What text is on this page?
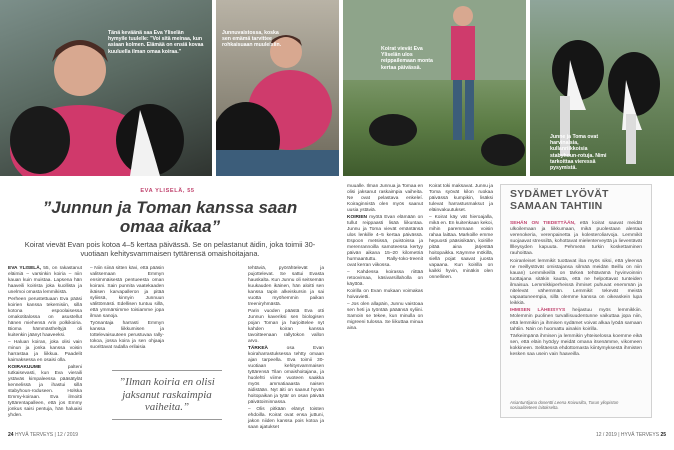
Tänä keväänä saa Eva Yliselän hymyile tuulelle: "Voi sitä meinaa, kun asiaan kolmen. Elämää on ensiä kovaa kuuluella ilman omaa koiraa."
Junnuvaistossa, koska sen emämä tarvittee rohkaisuaan muuleisiin.
Koirat vievät Eva Yliselän ulos reippailemaan monta kertaa päivässä.
Junne ja Toma ovat harvinaisia, kullanriikkoisia stabyhoun-rotuja. Nimi tarkoittaa vieressä pysymistä.
EVA YLISELÄ, 55
”Junnun ja Toman kanssa saan omaa aikaa”
Koirat vievät Evan pois kotoa 4–5 kertaa päivässä. Se on pelastanut äidin, joka toimii 30-vuotiaan kehitysvammaisen tyttärensä omaishoitajana.

EVA YLISELÄ, 55, on rakastanut eläimiä – varsinkin koiria – niin kauan kuin muistaa. Lapsena hän haaveili koirista joka kuollista ja unelmoi omasta lemmikistä.

Perheen perustettuaan Eva pääsi koirien kanssa tekemisiin, sillä kotona espoolaisessa omakotitalossa on asustellut hänen miehensä Arin polkikoiria. Bioma hämmästheltyjä oli kuitenkin jäänyt haaveeksi.

– Haluan koiran, joka olisi vain minun ja jonka kanssa voisin harrastaa ja liikkua. Paadelit kaimaksessa en osaisi olla.

KOIRAKUUME	palteni tutkaisevasti, kun Eva vieraili ystäväs kimpaleessa pääsätylät kennelissä ja ihastui sillä stabyhoun-roduseen. Holska Emmy-koiraan. Eva ilmoitti tyttärentapalleen, että jos Emmy jonkus saisi pentuja, hän haluaisi yhden.

– Niin siinä sitten kävi, että pääsin valitsemaan Emmyn ensimmäisestä pentueesta oman koirani. Sain punnita vaatekaaden ikäisen karvapalleron ja pitää syliissä, kinnyin Junnuun välittömästi. Edellisen tuntuu sillä, että ymmärsimme toisiamme jopa ilman sanoja.

Työnantaja harrasti Emmyn kanssa liikkumisen ja tottelevaisuuteen perustuvaa rally-tokoa, jossa koira ja sen ohjaaja suorittavat radalla erilaisia

”Ilman koiria en olisi jaksanut raskaimpia vaiheita.”

tehtäviä, pyörähtelevät ja pujottelevat. Se sattui Evasta hauskalta. Kun Junnu oli seitsemän kuukauden ikäinen, hän aloitti sen kanssa tapin alkeiskursin ja sai vuotta myöhemmin paikan treeniryhmästä.

Parin vuoden päästä Eva otti Junnun kaveriksi sen biologisen pojan Toman ja harjoittelee nyt kahden koiran kanssa tavoitteenaan rallytokon vallon arvo.

TÄRKEÄ	osa Evan koiraharrastuksessa tehtty omaan ajan tarpeella. Eva toimii 30-vuotiaan kehitysvammaisen tyttärensä Tilan omaishoitajana, ja huolehti viime vuoteen saakka myös ammatiaaasta naisen äidistään. Nyt äiti on saanut hyvän hoitopaikan ja tytär on osan päivää päivätoiminnassa.

– Olis pitkään elänyt toisten ehdoilla. Koirat ovat ensa juttuni, jakon niiden kanssa pois kotoa ja saan ajatukset

muualle. Ilman Junnua ja Tomaa en olisi jaksanut raskaimpia vaiheita. Ne ovat pelastava enkeleí. Koiraginnistä olen myös saanut uusia ystäviä.

KOIRIEN myötä Evan elämään on tullut reippaasti lisää liikuntaa. Junnu ja Toma vievät emäntänsä ulos lenkille 4–5 kertaa päivässä. Espoon metsissä, puistoissa ja merenrannoilla samoteessa kertyy päivän aikana 15–20 kilometriä hurmaantuttu. Rally-toko-treenit ovat kerran viikossa.

– Kahdessa koirassa riittää retoovimaa, käsivarsillaholla on käyttöä.

Koirilla on Evan mukaan voimakas hoivavietti.

– Jos olen allapäin, Junnu vaistoaa sen heti ja työntää pääänsä syliini. Samoin se tekee, kun minulla on migreeni tulossa. Se liikuttaa minua aina.

Koirat toki maksavat. Junnu ja Toma syövät kilon ruokaa päivässä kumpikin, lisäksi tulevat harrastusmaksut ja eläinvakuutukset.

– Koirat käy vät hieroajalla, mikä en. En kuitenkaan kekoi, mihin paremmaan voisin rahaa laittaa. Markoille emme hepuosti pääsisikään, koiriille pitää aina järjestää hoitopaikka. Käymme mökillä, siellä pojat saavat juosta vapaana. Kun koirilla on kaikki hyvin, minäkin olen onnellinen.

SYDÄMET LYÖVÄT SAMAAN TAHTIIN

SEHÄN ON TIEDETTÄÄN, että koirat saavat meidät ulkoilemaan ja liikkumaan, mikä puolestaan alentaa verenokeria, verenpainetta ja kolesteroliarvoja. Lemmikit suojaavat stressiltä, kohottavat mielenterveyttä ja lieventävät lllleysyden kapuuta. Pehmeän turkin koskettaminen rauhoittaa.

Koiranleiset lemmikit tuottavat iloa myös siksi, että yleensä ne meillystövät omistajansa silmää meidän Beillu on niin kauan) Lemmikeillä on tärkeä tehtävämä hyvinvoinnin tuottajana sitäkin kautta, että ne helpottavat tunteiden ilmaisua. Lemmikkiperheissä ihmiset puhuvat enemmän ja nitelevät vähemmän. Lemmikit tekevät meistä vapaatuneempia, sillä olemme kanssa on oikeaskein lupa leikkiä.

IHMISEN LÄHEISYYS heijastuu myös lemmikkiin. Molemmin puolinen turvallisuudentunne vaikuttaa jopa niin, että lemmikin ja ihmisen sydämet voivat alkaa lyödä samaan tahtiin. Näin on huomattu ainakin koirilla.

Tärkeimpänä ihmisen ja lemmikin yhteiselossa koemme eikä sen, että eläin hyödyy meidät omana itsenämme, vikomeen kokkineen. Selitäessä ehdottomasta kiintymyksestä ihmisten kesken saa usein vain haaveilla.

Asiantuntijana dosentti Leena Koivusilta, Turun yliopiston sosiaalitieteen laitokselta.
24 HYVÄ TERVEYS | 12 / 2019	12 / 2019 | HYVÄ TERVEYS 25
